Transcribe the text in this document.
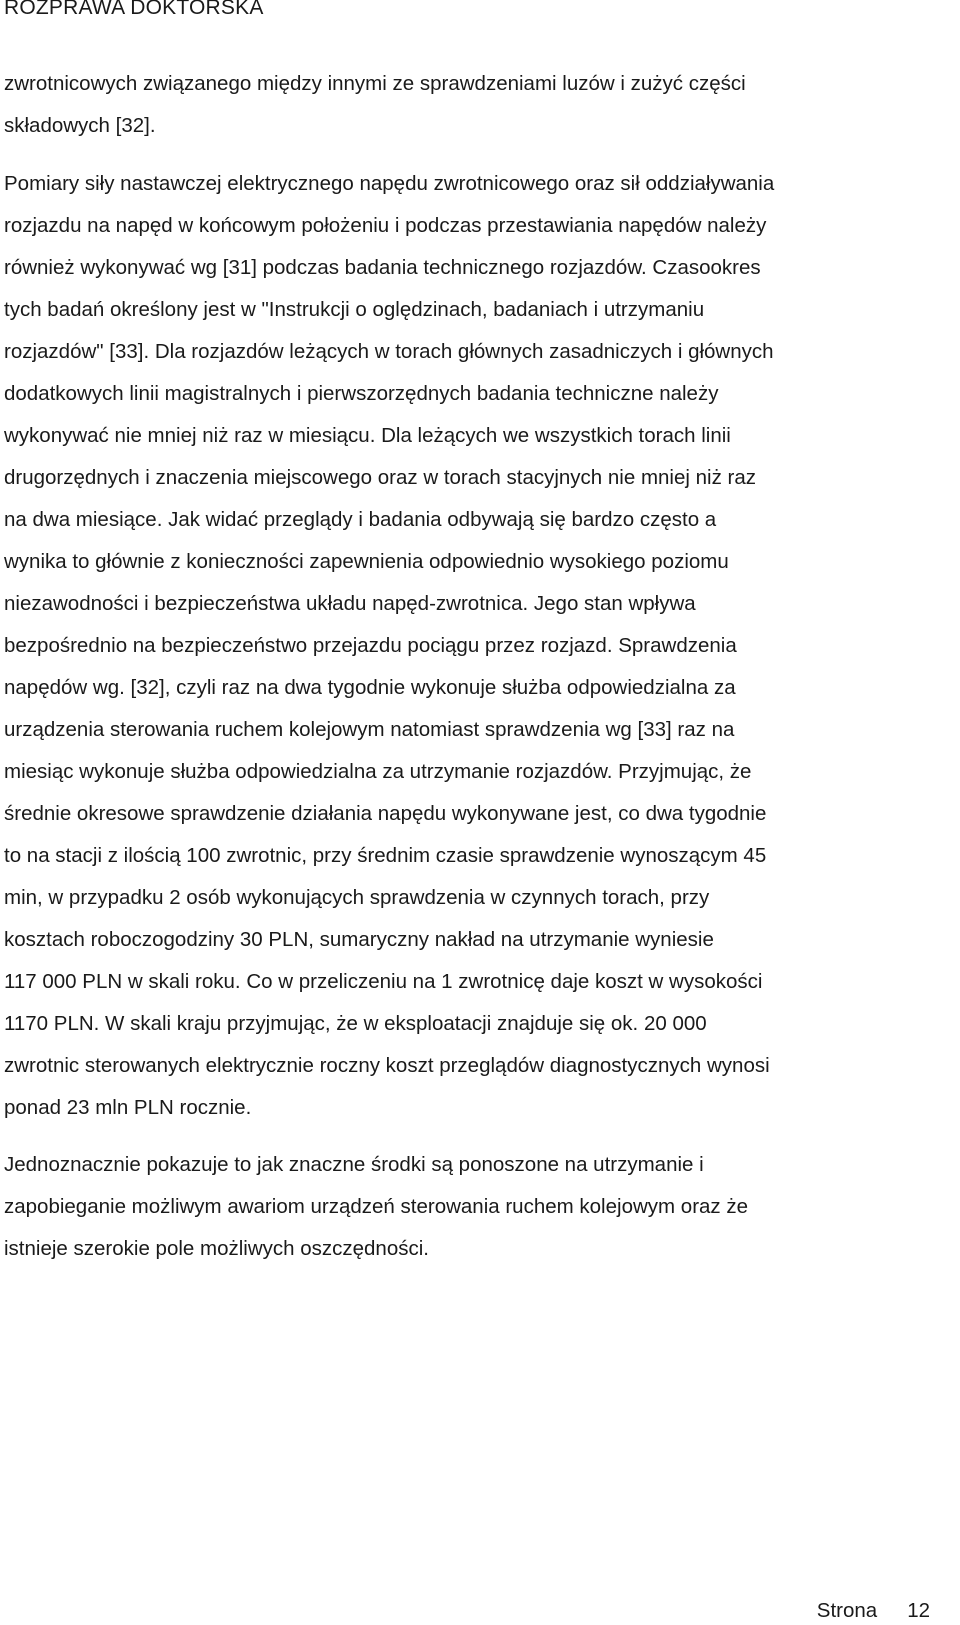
ROZPRAWA DOKTORSKA
zwrotnicowych związanego między innymi ze sprawdzeniami luzów i zużyć części
składowych [32].
Pomiary siły nastawczej elektrycznego napędu zwrotnicowego oraz sił oddziaływania
rozjazdu na napęd w końcowym położeniu i podczas przestawiania napędów należy
również wykonywać wg [31] podczas badania technicznego rozjazdów. Czasookres
tych badań określony jest w "Instrukcji o oględzinach, badaniach i utrzymaniu
rozjazdów" [33]. Dla rozjazdów leżących w torach głównych zasadniczych i głównych
dodatkowych linii magistralnych i pierwszorzędnych badania techniczne należy
wykonywać nie mniej niż raz w miesiącu. Dla leżących we wszystkich torach linii
drugorzędnych i znaczenia miejscowego oraz w torach stacyjnych nie mniej niż raz
na dwa miesiące. Jak widać przeglądy i badania odbywają się bardzo często a
wynika to głównie z konieczności zapewnienia odpowiednio wysokiego poziomu
niezawodności i bezpieczeństwa układu napęd-zwrotnica. Jego stan wpływa
bezpośrednio na bezpieczeństwo przejazdu pociągu przez rozjazd. Sprawdzenia
napędów wg. [32], czyli raz na dwa tygodnie wykonuje służba odpowiedzialna za
urządzenia sterowania ruchem kolejowym natomiast sprawdzenia wg [33] raz na
miesiąc wykonuje służba odpowiedzialna za utrzymanie rozjazdów. Przyjmując, że
średnie okresowe sprawdzenie działania napędu wykonywane jest, co dwa tygodnie
to na stacji z ilością 100 zwrotnic, przy średnim czasie sprawdzenie wynoszącym 45
min, w przypadku 2 osób wykonujących sprawdzenia w czynnych torach, przy
kosztach roboczogodziny 30 PLN, sumaryczny nakład na utrzymanie wyniesie
117 000 PLN w skali roku. Co w przeliczeniu na 1 zwrotnicę daje koszt w wysokości
1170 PLN. W skali kraju przyjmując, że w eksploatacji znajduje się ok. 20 000
zwrotnic sterowanych elektrycznie roczny koszt przeglądów diagnostycznych wynosi
ponad 23 mln PLN rocznie.
Jednoznacznie pokazuje to jak znaczne środki są ponoszone na utrzymanie i
zapobieganie możliwym awariom urządzeń sterowania ruchem kolejowym oraz że
istnieje szerokie pole możliwych oszczędności.
Strona 12
